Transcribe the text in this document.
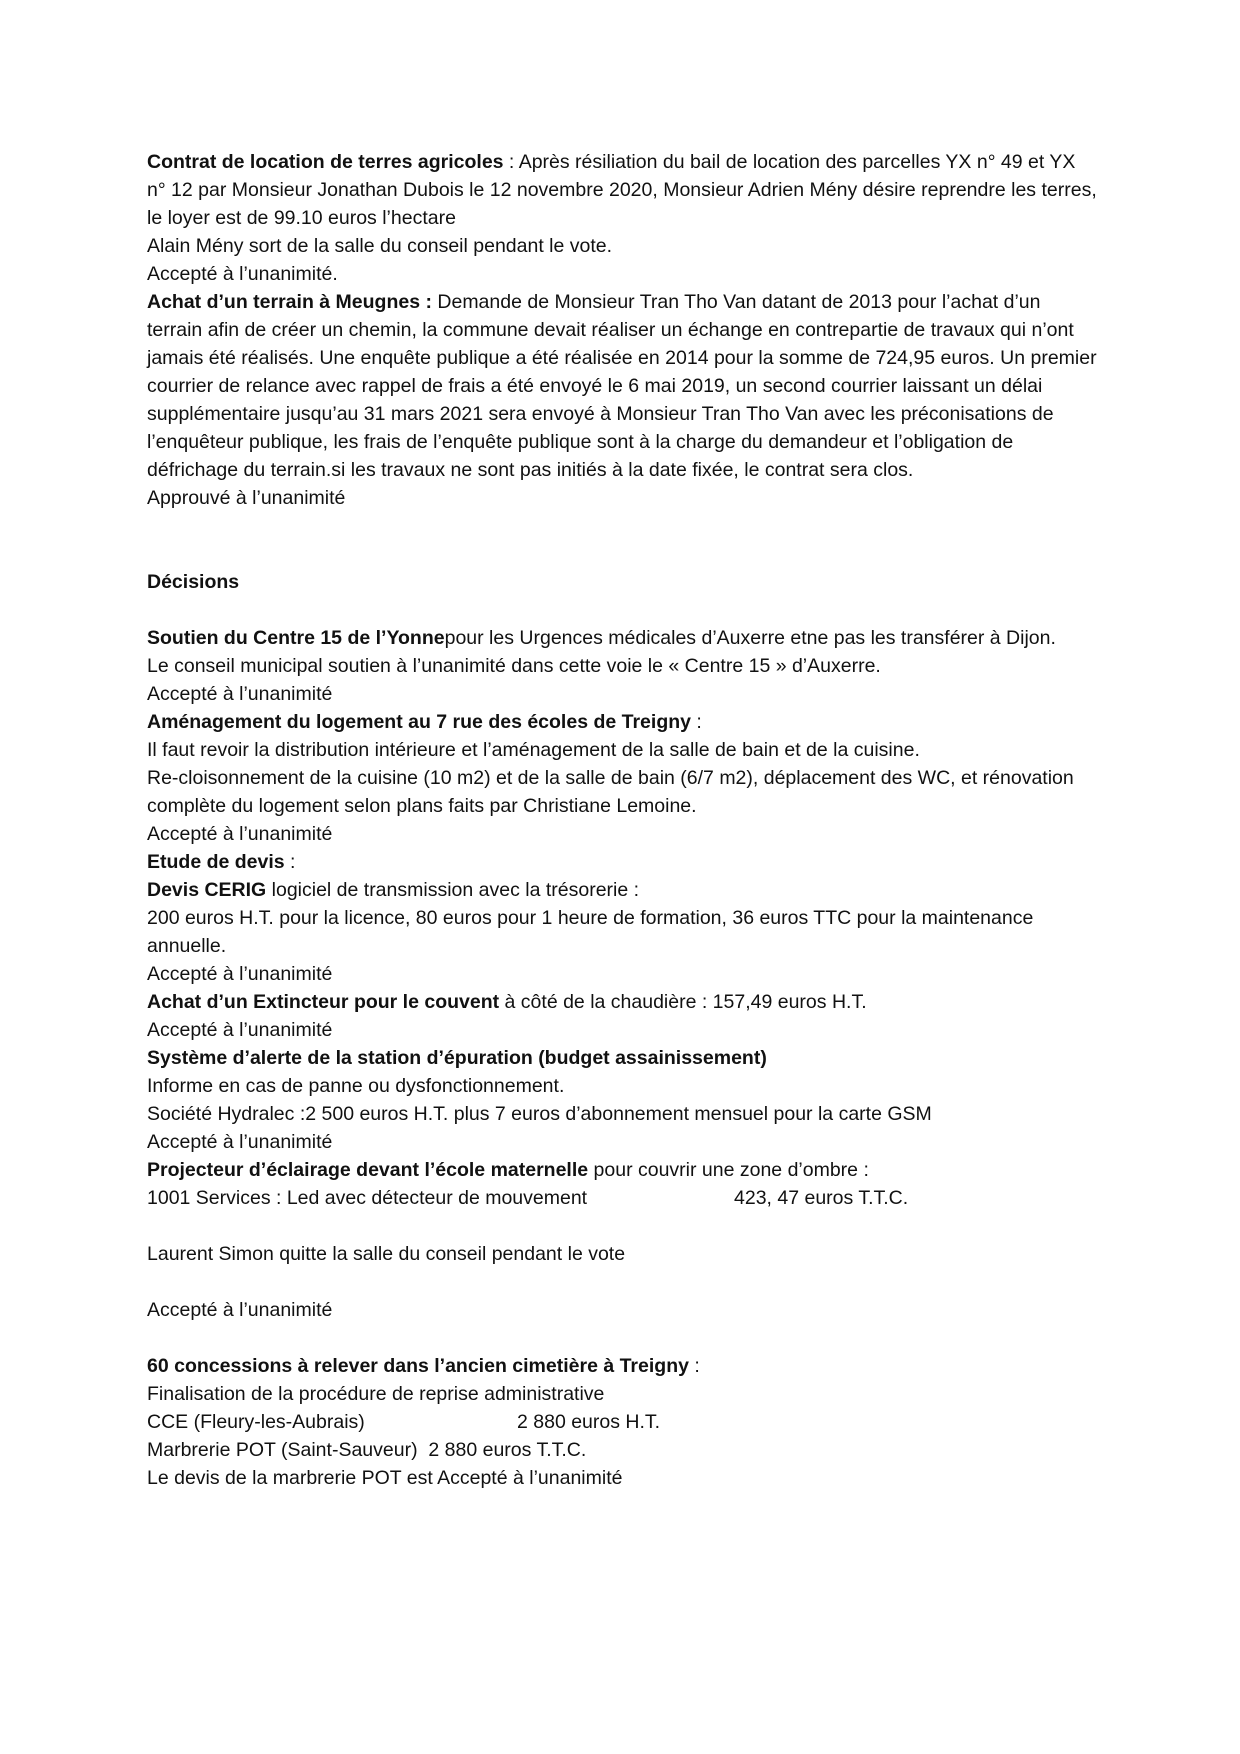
Contrat de location de terres agricoles : Après résiliation du bail de location des parcelles YX n° 49 et YX n° 12 par Monsieur Jonathan Dubois le 12 novembre 2020, Monsieur Adrien Mény désire reprendre les terres, le loyer est de 99.10 euros l’hectare

Alain Mény sort de la salle du conseil pendant le vote.

Accepté à l’unanimité.

Achat d’un terrain à Meugnes : Demande de Monsieur Tran Tho Van datant de 2013 pour l’achat d’un terrain afin de créer un chemin, la commune devait réaliser un échange en contrepartie de travaux qui n’ont jamais été réalisés. Une enquête publique a été réalisée en 2014 pour la somme de 724,95 euros. Un premier courrier de relance avec rappel de frais a été envoyé le 6 mai 2019, un second courrier laissant un délai supplémentaire jusqu’au 31 mars 2021 sera envoyé à Monsieur Tran Tho Van avec les préconisations de l’enquêteur publique, les frais de l’enquête publique sont à la charge du demandeur et l’obligation de défrichage du terrain.si les travaux ne sont pas initiés à la date fixée, le contrat sera clos.

Approuvé à l’unanimité

Décisions

Soutien du Centre 15 de l’Yonnepour les Urgences médicales d’Auxerre etne pas les transférer à Dijon.

Le conseil municipal soutien à l’unanimité dans cette voie le « Centre 15 » d’Auxerre.

Accepté à l’unanimité

Aménagement du logement au 7 rue des écoles de Treigny :

Il faut revoir la distribution intérieure et l’aménagement de la salle de bain et de la cuisine.

Re-cloisonnement de la cuisine (10 m2) et de la salle de bain (6/7 m2), déplacement des WC, et rénovation complète du logement selon plans faits par Christiane Lemoine.

Accepté à l’unanimité

Etude de devis :

Devis CERIG logiciel de transmission avec la trésorerie :

200 euros H.T. pour la licence, 80 euros pour 1 heure de formation, 36 euros TTC pour la maintenance annuelle.

Accepté à l’unanimité

Achat d’un Extincteur pour le couvent à côté de la chaudière : 157,49 euros H.T.

Accepté à l’unanimité

Système d’alerte de la station d’épuration (budget assainissement)

Informe en cas de panne ou dysfonctionnement.

Société Hydralec :2 500 euros H.T. plus 7 euros d’abonnement mensuel pour la carte GSM

Accepté à l’unanimité

Projecteur d’éclairage devant l’école maternelle pour couvrir une zone d’ombre :

1001 Services : Led avec détecteur de mouvement	423, 47 euros T.T.C.

Laurent Simon quitte la salle du conseil pendant le vote

Accepté à l’unanimité

60 concessions à relever dans l’ancien cimetière à Treigny :

Finalisation de la procédure de reprise administrative

CCE (Fleury-les-Aubrais)	2 880 euros H.T.

Marbrerie POT (Saint-Sauveur)  2 880 euros T.T.C.

Le devis de la marbrerie POT est Accepté à l’unanimité
